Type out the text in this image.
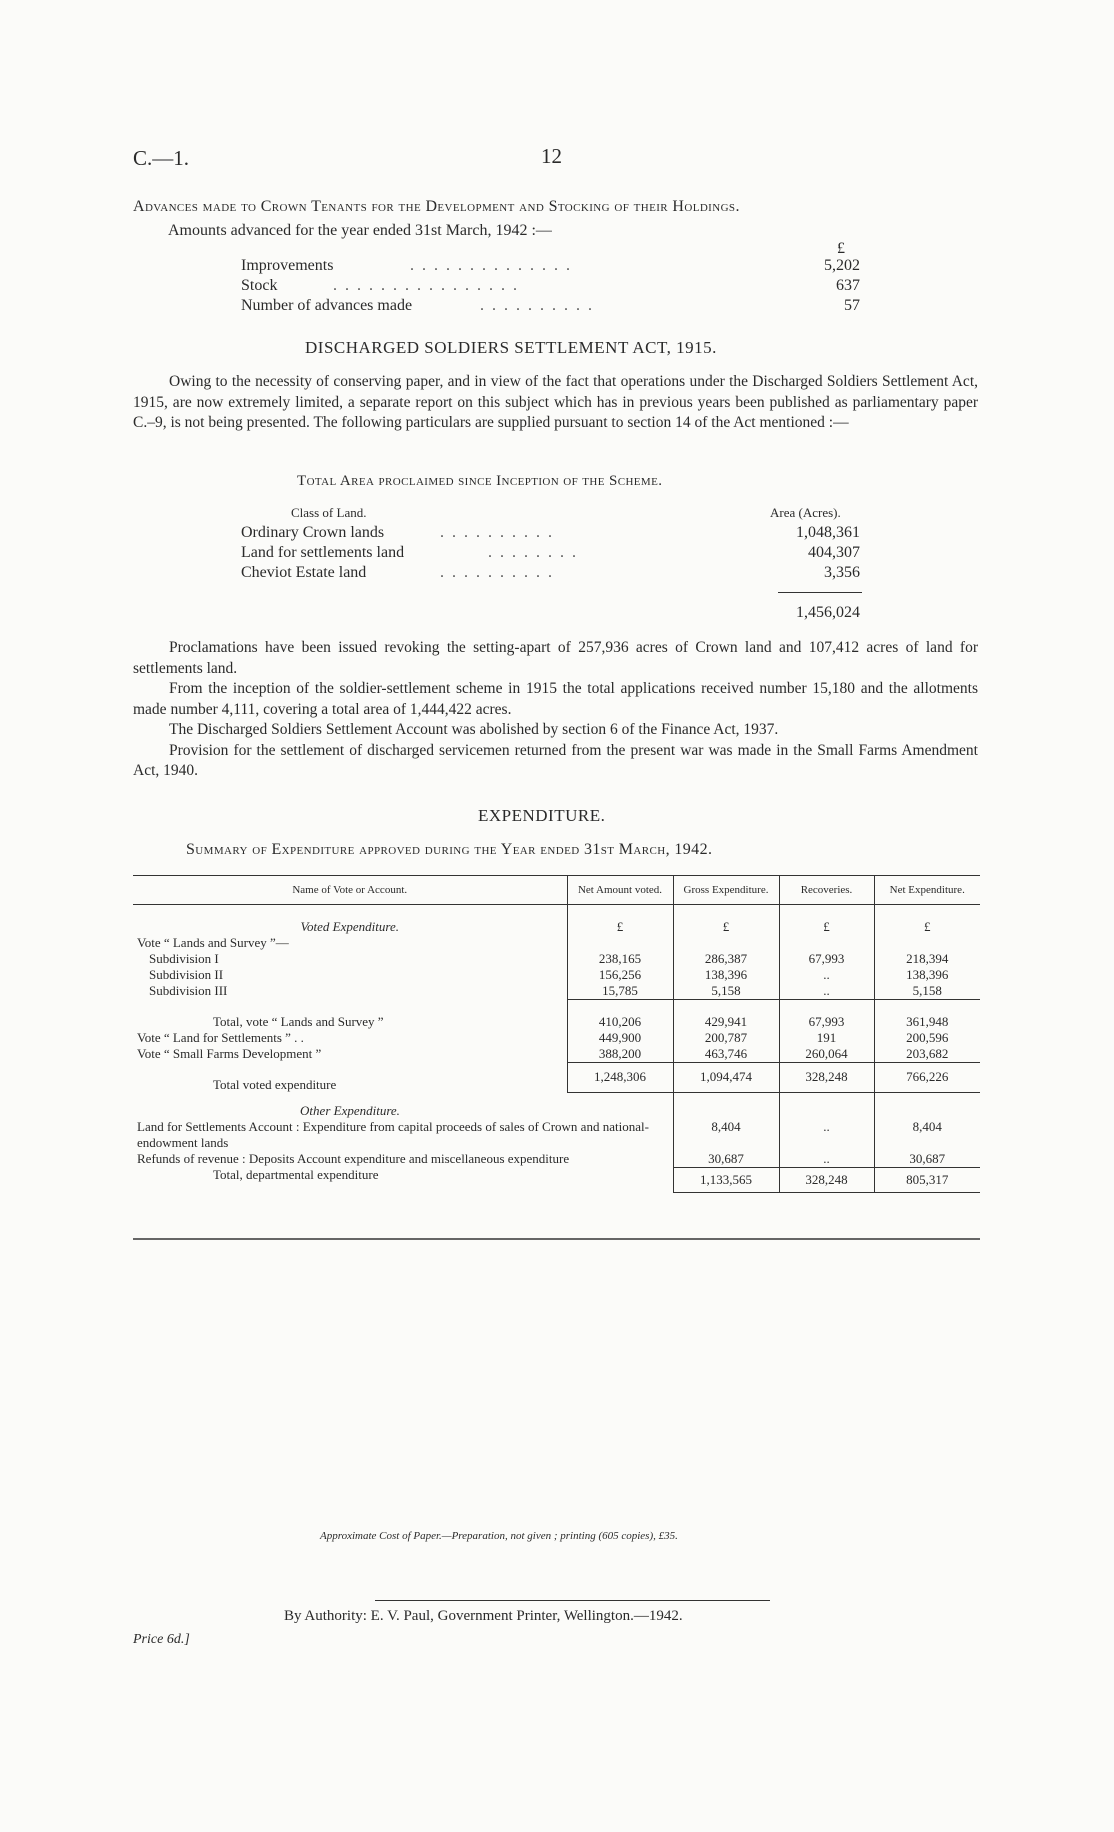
C.—1.	12
Advances made to Crown Tenants for the Development and Stocking of their Holdings.
Amounts advanced for the year ended 31st March, 1942 :—
£
Improvements	. . . . . . . . . . . . . .	5,202
Stock	. . . . . . . . . . . . . . . .	637
Number of advances made	. . . . . . . . . .	57
DISCHARGED SOLDIERS SETTLEMENT ACT, 1915.

Owing to the necessity of conserving paper, and in view of the fact that operations under the Discharged Soldiers Settlement Act, 1915, are now extremely limited, a separate report on this subject which has in previous years been published as parliamentary paper C.–9, is not being presented. The following particulars are supplied pursuant to section 14 of the Act mentioned :—

Total Area proclaimed since Inception of the Scheme.
Class of Land.	Area (Acres).
Ordinary Crown lands	. . . . . . . . . .	1,048,361
Land for settlements land	. . . . . . . .	404,307
Cheviot Estate land	. . . . . . . . . .	3,356
1,456,024

Proclamations have been issued revoking the setting-apart of 257,936 acres of Crown land and 107,412 acres of land for settlements land.

From the inception of the soldier-settlement scheme in 1915 the total applications received number 15,180 and the allotments made number 4,111, covering a total area of 1,444,422 acres.

The Discharged Soldiers Settlement Account was abolished by section 6 of the Finance Act, 1937.

Provision for the settlement of discharged servicemen returned from the present war was made in the Small Farms Amendment Act, 1940.

EXPENDITURE.
Summary of Expenditure approved during the Year ended 31st March, 1942.
Name of Vote or Account.	Net Amount voted.	Gross Expenditure.	Recoveries.	Net Expenditure.
Voted Expenditure.	£	£	£	£
Vote “ Lands and Survey ”—				
Subdivision I	238,165	286,387	67,993	218,394
Subdivision II	156,256	138,396	..	138,396
Subdivision III	15,785	5,158	..	5,158
Total, vote “ Lands and Survey ”	410,206	429,941	67,993	361,948
Vote “ Land for Settlements ” . .	449,900	200,787	191	200,596
Vote “ Small Farms Development ”	388,200	463,746	260,064	203,682
Total voted expenditure	1,248,306	1,094,474	328,248	766,226
Other Expenditure.				
Land for Settlements Account : Expenditure from capital proceeds of sales of Crown and national-endowment lands		8,404	..	8,404
Refunds of revenue : Deposits Account expenditure and miscellaneous expenditure		30,687	..	30,687
Total, departmental expenditure		1,133,565	328,248	805,317
Approximate Cost of Paper.—Preparation, not given ; printing (605 copies), £35.
By Authority: E. V. Paul, Government Printer, Wellington.—1942.
Price 6d.]
